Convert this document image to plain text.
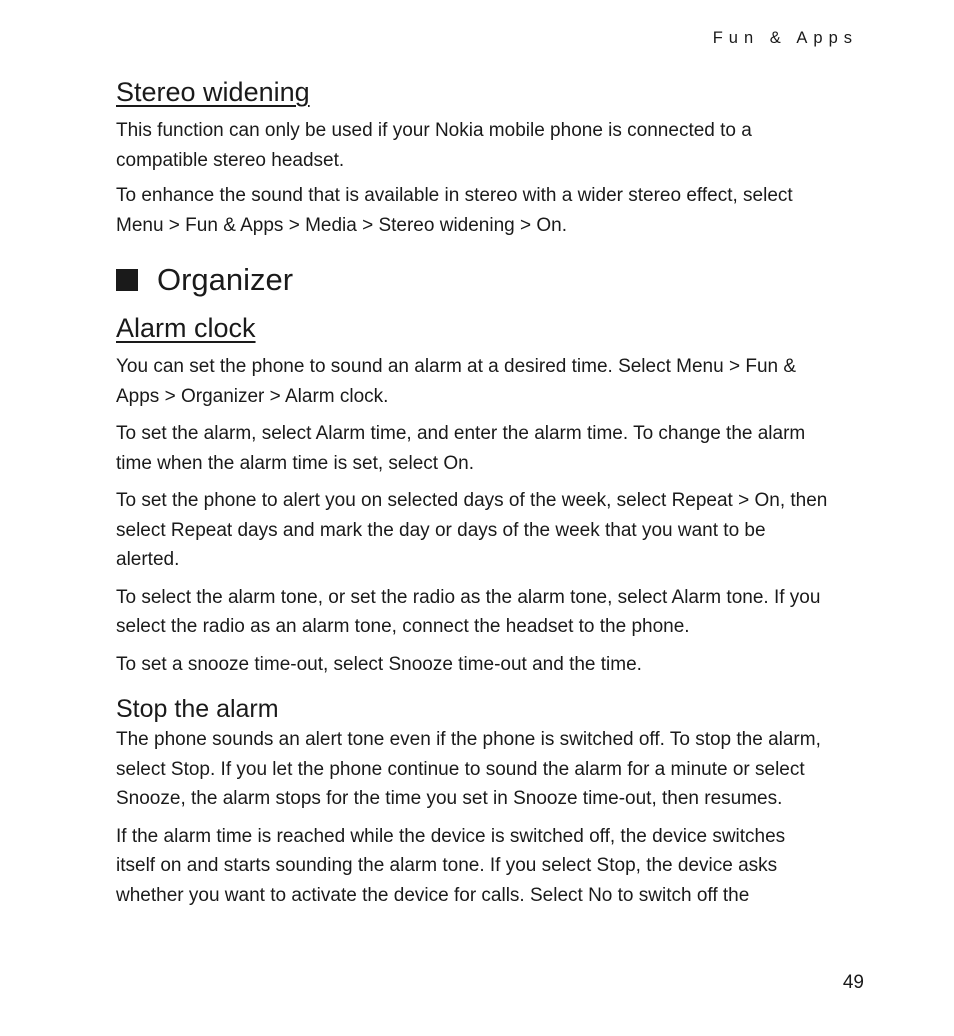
Fun & Apps
Stereo widening

This function can only be used if your Nokia mobile phone is connected to a
compatible stereo headset.

To enhance the sound that is available in stereo with a wider stereo effect, select
Menu > Fun & Apps > Media > Stereo widening > On.

Organizer
Alarm clock

You can set the phone to sound an alarm at a desired time. Select Menu > Fun &
Apps > Organizer > Alarm clock.

To set the alarm, select Alarm time, and enter the alarm time. To change the alarm
time when the alarm time is set, select On.

To set the phone to alert you on selected days of the week, select Repeat > On, then
select Repeat days and mark the day or days of the week that you want to be
alerted.

To select the alarm tone, or set the radio as the alarm tone, select Alarm tone. If you
select the radio as an alarm tone, connect the headset to the phone.

To set a snooze time-out, select Snooze time-out and the time.

Stop the alarm

The phone sounds an alert tone even if the phone is switched off. To stop the alarm,
select Stop. If you let the phone continue to sound the alarm for a minute or select
Snooze, the alarm stops for the time you set in Snooze time-out, then resumes.

If the alarm time is reached while the device is switched off, the device switches
itself on and starts sounding the alarm tone. If you select Stop, the device asks
whether you want to activate the device for calls. Select No to switch off the

49
